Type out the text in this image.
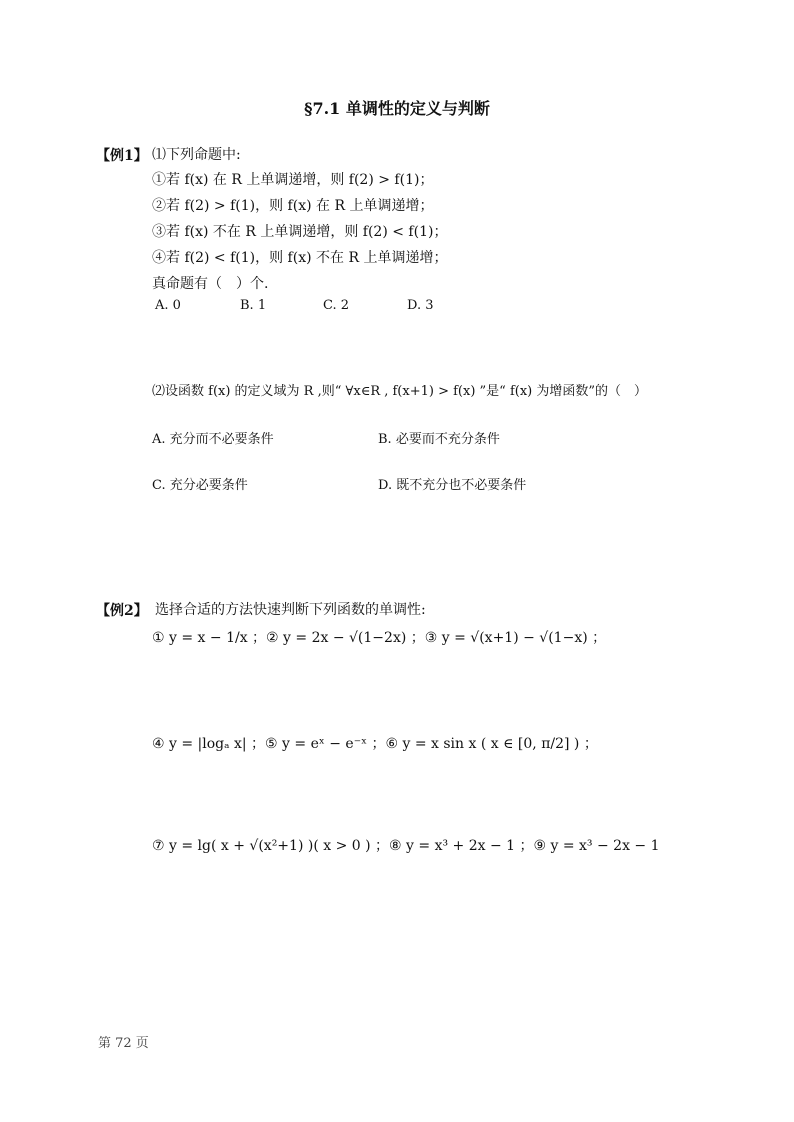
§7.1 单调性的定义与判断
【例1】 ⑴下列命题中:
①若 f(x) 在 R 上单调递增，则 f(2) > f(1)；
②若 f(2) > f(1)，则 f(x) 在 R 上单调递增；
③若 f(x) 不在 R 上单调递增，则 f(2) < f(1)；
④若 f(2) < f(1)，则 f(x) 不在 R 上单调递增；
真命题有（　）个.
A. 0	B. 1	C. 2	D. 3
⑵设函数 f(x) 的定义域为 R ,则“ ∀x∈R , f(x+1) > f(x) ”是“ f(x) 为增函数”的（　）
A. 充分而不必要条件	B. 必要而不充分条件
C. 充分必要条件	D. 既不充分也不必要条件
【例2】 选择合适的方法快速判断下列函数的单调性:
① y = x − 1/x ；② y = 2x − √(1−2x) ；③ y = √(x+1) − √(1−x) ；
④ y = |logₐ x| ；⑤ y = eˣ − e⁻ˣ ；⑥ y = x sin x ( x ∈ [0, π/2] ) ；
⑦ y = lg( x + √(x²+1) )( x > 0 ) ；⑧ y = x³ + 2x − 1 ；⑨ y = x³ − 2x − 1
第 72 页
